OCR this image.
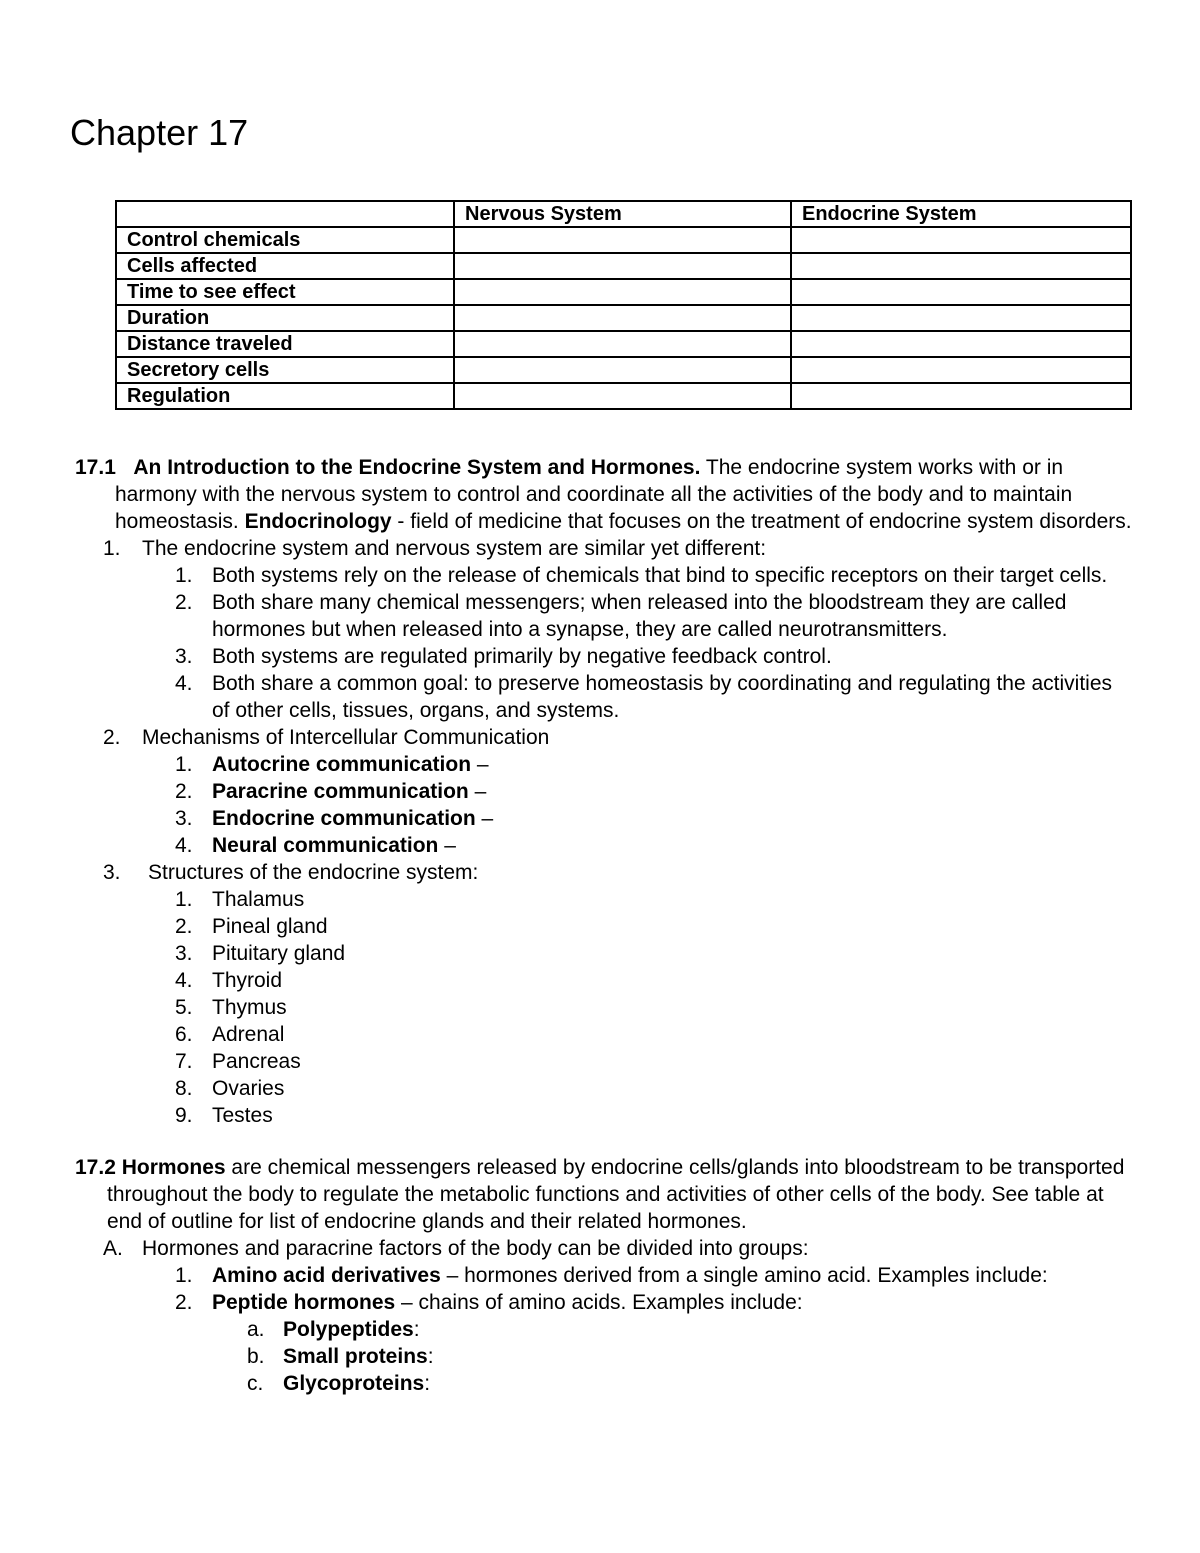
Chapter 17
	Nervous System	Endocrine System
Control chemicals		
Cells affected		
Time to see effect		
Duration		
Distance traveled		
Secretory cells		
Regulation		

17.1 An Introduction to the Endocrine System and Hormones. The endocrine system works with or in harmony with the nervous system to control and coordinate all the activities of the body and to maintain homeostasis. Endocrinology - field of medicine that focuses on the treatment of endocrine system disorders.

1. The endocrine system and nervous system are similar yet different:
1. Both systems rely on the release of chemicals that bind to specific receptors on their target cells.
2. Both share many chemical messengers; when released into the bloodstream they are called hormones but when released into a synapse, they are called neurotransmitters.
3. Both systems are regulated primarily by negative feedback control.
4. Both share a common goal: to preserve homeostasis by coordinating and regulating the activities of other cells, tissues, organs, and systems.
2. Mechanisms of Intercellular Communication
1. Autocrine communication –
2. Paracrine communication –
3. Endocrine communication –
4. Neural communication –
3. Structures of the endocrine system:
1. Thalamus
2. Pineal gland
3. Pituitary gland
4. Thyroid
5. Thymus
6. Adrenal
7. Pancreas
8. Ovaries
9. Testes

17.2 Hormones are chemical messengers released by endocrine cells/glands into bloodstream to be transported throughout the body to regulate the metabolic functions and activities of other cells of the body. See table at end of outline for list of endocrine glands and their related hormones.

A. Hormones and paracrine factors of the body can be divided into groups:
1. Amino acid derivatives – hormones derived from a single amino acid. Examples include:
2. Peptide hormones – chains of amino acids. Examples include:
a. Polypeptides:
b. Small proteins:
c. Glycoproteins:
